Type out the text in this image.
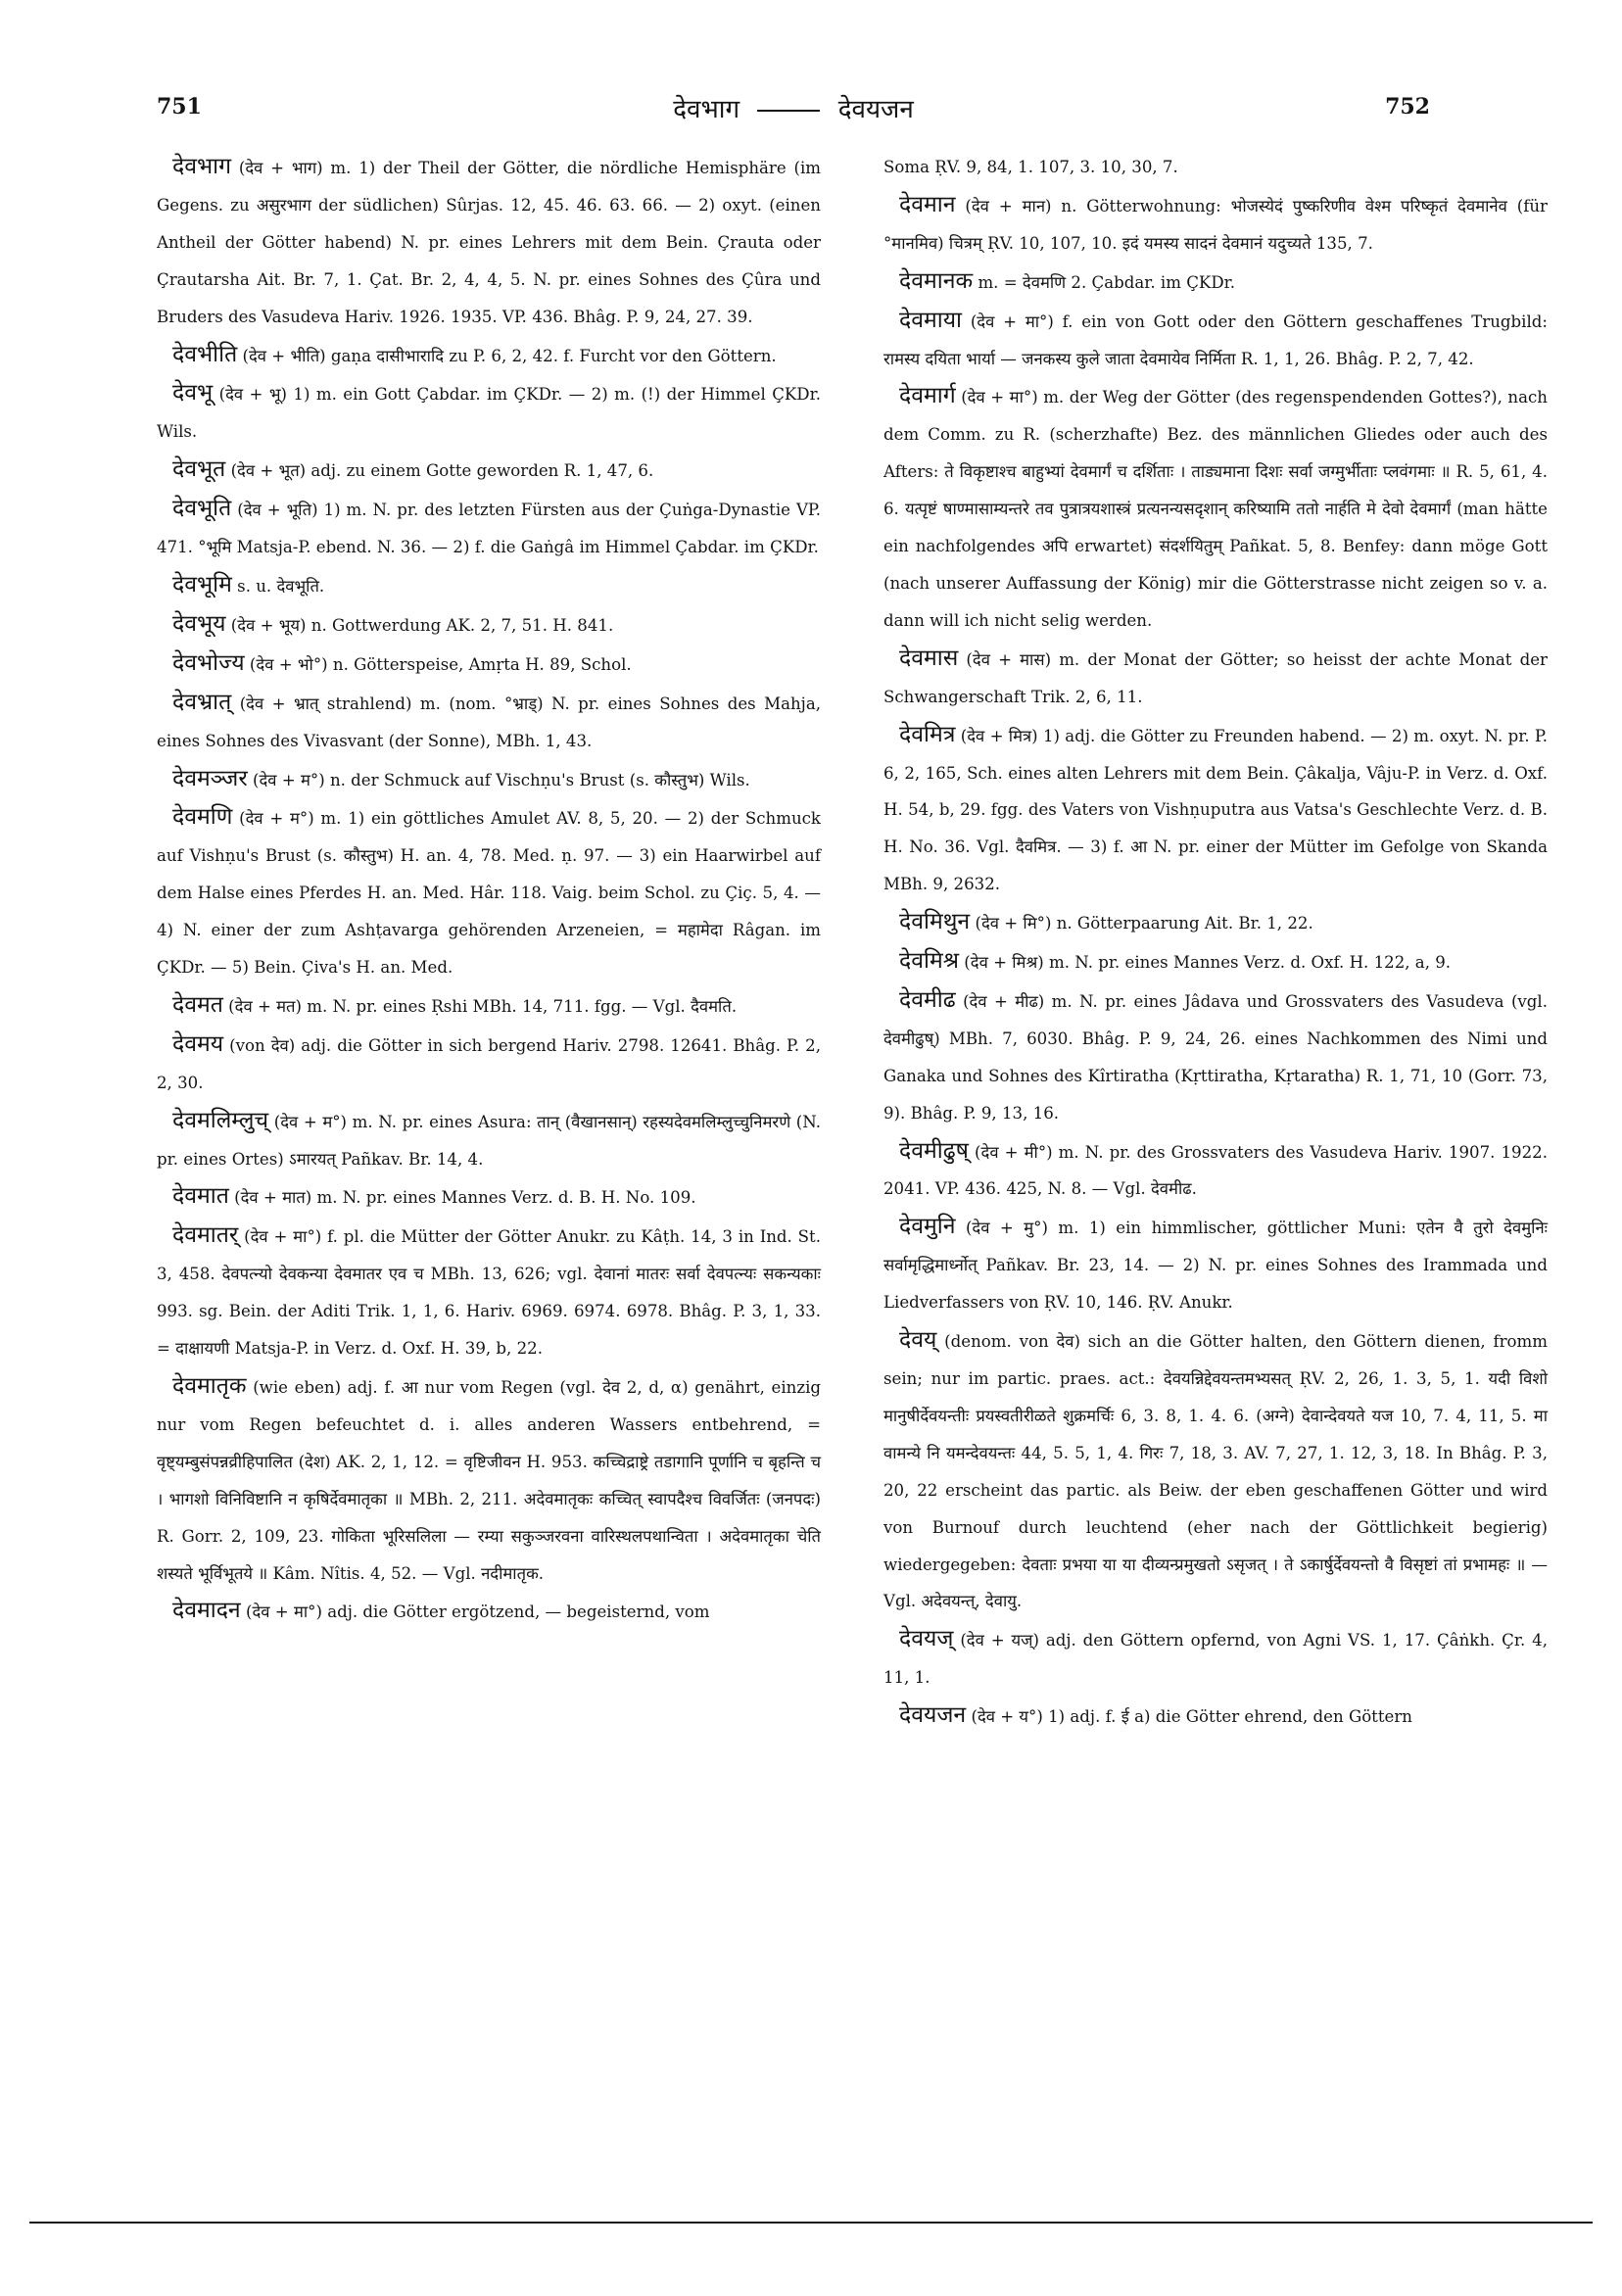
751	देवभाग	देवयजन	752

देवभाग (देव + भाग) m. 1) der Theil der Götter, die nördliche Hemisphäre (im Gegens. zu असुरभाग der südlichen) Sûrjas. 12, 45. 46. 63. 66. — 2) oxyt. (einen Antheil der Götter habend) N. pr. eines Lehrers mit dem Bein. Çrauta oder Çrautarsha Ait. Br. 7, 1. Çat. Br. 2, 4, 4, 5. N. pr. eines Sohnes des Çûra und Bruders des Vasudeva Hariv. 1926. 1935. VP. 436. Bhâg. P. 9, 24, 27. 39.

देवभीति (देव + भीति) gaṇa दासीभारादि zu P. 6, 2, 42. f. Furcht vor den Göttern.

देवभू (देव + भू) 1) m. ein Gott Çabdar. im ÇKDr. — 2) m. (!) der Himmel ÇKDr. Wils.

देवभूत (देव + भूत) adj. zu einem Gotte geworden R. 1, 47, 6.

देवभूति (देव + भूति) 1) m. N. pr. des letzten Fürsten aus der Çuṅga-Dynastie VP. 471. °भूमि Matsja-P. ebend. N. 36. — 2) f. die Gaṅgâ im Himmel Çabdar. im ÇKDr.

देवभूमि s. u. देवभूति.

देवभूय (देव + भूय) n. Gottwerdung AK. 2, 7, 51. H. 841.

देवभोज्य (देव + भो°) n. Götterspeise, Amṛta H. 89, Schol.

देवभ्रात् (देव + भ्रात् strahlend) m. (nom. °भ्राड्) N. pr. eines Sohnes des Mahja, eines Sohnes des Vivasvant (der Sonne), MBh. 1, 43.

देवमञ्जर (देव + म°) n. der Schmuck auf Vischṇu's Brust (s. कौस्तुभ) Wils.

देवमणि (देव + म°) m. 1) ein göttliches Amulet AV. 8, 5, 20. — 2) der Schmuck auf Vishṇu's Brust (s. कौस्तुभ) H. an. 4, 78. Med. ṇ. 97. — 3) ein Haarwirbel auf dem Halse eines Pferdes H. an. Med. Hâr. 118. Vaig. beim Schol. zu Çiç. 5, 4. — 4) N. einer der zum Ashṭavarga gehörenden Arzeneien, = महामेदा Râgan. im ÇKDr. — 5) Bein. Çiva's H. an. Med.

देवमत (देव + मत) m. N. pr. eines Ṛshi MBh. 14, 711. fgg. — Vgl. दैवमति.

देवमय (von देव) adj. die Götter in sich bergend Hariv. 2798. 12641. Bhâg. P. 2, 2, 30.

देवमलिम्लुच् (देव + म°) m. N. pr. eines Asura: तान् (वैखानसान्) रहस्यदेवमलिम्लुच्चुनिमरणे (N. pr. eines Ortes) ऽमारयत् Pañkav. Br. 14, 4.

देवमात (देव + मात) m. N. pr. eines Mannes Verz. d. B. H. No. 109.

देवमातर् (देव + मा°) f. pl. die Mütter der Götter Anukr. zu Kâṭh. 14, 3 in Ind. St. 3, 458. देवपत्न्यो देवकन्या देवमातर एव च MBh. 13, 626; vgl. देवानां मातरः सर्वा देवपत्न्यः सकन्यकाः 993. sg. Bein. der Aditi Trik. 1, 1, 6. Hariv. 6969. 6974. 6978. Bhâg. P. 3, 1, 33. = दाक्षायणी Matsja-P. in Verz. d. Oxf. H. 39, b, 22.

देवमातृक (wie eben) adj. f. आ nur vom Regen (vgl. देव 2, d, α) genährt, einzig nur vom Regen befeuchtet d. i. alles anderen Wassers entbehrend, = वृष्ट्यम्बुसंपन्नव्रीहिपालित (देश) AK. 2, 1, 12. = वृष्टिजीवन H. 953. कच्चिद्राष्ट्रे तडागानि पूर्णानि च बृहन्ति च । भागशो विनिविष्टानि न कृषिर्देवमातृका ॥ MBh. 2, 211. अदेवमातृकः कच्चित् स्वापदैश्च विवर्जितः (जनपदः) R. Gorr. 2, 109, 23. गोकिता भूरिसलिला — रम्या सकुञ्जरवना वारिस्थलपथान्विता । अदेवमातृका चेति शस्यते भूर्विभूतये ॥ Kâm. Nîtis. 4, 52. — Vgl. नदीमातृक.

देवमादन (देव + मा°) adj. die Götter ergötzend, — begeisternd, vom

Soma ṚV. 9, 84, 1. 107, 3. 10, 30, 7.

देवमान (देव + मान) n. Götterwohnung: भोजस्येदं पुष्करिणीव वेश्म परिष्कृतं देवमानेव (für °मानमिव) चित्रम् ṚV. 10, 107, 10. इदं यमस्य सादनं देवमानं यदुच्यते 135, 7.

देवमानक m. = देवमणि 2. Çabdar. im ÇKDr.

देवमाया (देव + मा°) f. ein von Gott oder den Göttern geschaffenes Trugbild: रामस्य दयिता भार्या — जनकस्य कुले जाता देवमायेव निर्मिता R. 1, 1, 26. Bhâg. P. 2, 7, 42.

देवमार्ग (देव + मा°) m. der Weg der Götter (des regenspendenden Gottes?), nach dem Comm. zu R. (scherzhafte) Bez. des männlichen Gliedes oder auch des Afters: ते विकृष्टाश्च बाहुभ्यां देवमार्गं च दर्शिताः । ताड्यमाना दिशः सर्वा जग्मुर्भीताः प्लवंगमाः ॥ R. 5, 61, 4. 6. यत्पृष्टं षाण्मासाम्यन्तरे तव पुत्रात्रयशास्त्रं प्रत्यनन्यसदृशान् करिष्यामि ततो नार्हति मे देवो देवमार्गं (man hätte ein nachfolgendes अपि erwartet) संदर्शयितुम् Pañkat. 5, 8. Benfey: dann möge Gott (nach unserer Auffassung der König) mir die Götterstrasse nicht zeigen so v. a. dann will ich nicht selig werden.

देवमास (देव + मास) m. der Monat der Götter; so heisst der achte Monat der Schwangerschaft Trik. 2, 6, 11.

देवमित्र (देव + मित्र) 1) adj. die Götter zu Freunden habend. — 2) m. oxyt. N. pr. P. 6, 2, 165, Sch. eines alten Lehrers mit dem Bein. Çâkalja, Vâju-P. in Verz. d. Oxf. H. 54, b, 29. fgg. des Vaters von Vishṇuputra aus Vatsa's Geschlechte Verz. d. B. H. No. 36. Vgl. दैवमित्र. — 3) f. आ N. pr. einer der Mütter im Gefolge von Skanda MBh. 9, 2632.

देवमिथुन (देव + मि°) n. Götterpaarung Ait. Br. 1, 22.

देवमिश्र (देव + मिश्र) m. N. pr. eines Mannes Verz. d. Oxf. H. 122, a, 9.

देवमीढ (देव + मीढ) m. N. pr. eines Jâdava und Grossvaters des Vasudeva (vgl. देवमीढुष्) MBh. 7, 6030. Bhâg. P. 9, 24, 26. eines Nachkommen des Nimi und Ganaka und Sohnes des Kîrtiratha (Kṛttiratha, Kṛtaratha) R. 1, 71, 10 (Gorr. 73, 9). Bhâg. P. 9, 13, 16.

देवमीढुष् (देव + मी°) m. N. pr. des Grossvaters des Vasudeva Hariv. 1907. 1922. 2041. VP. 436. 425, N. 8. — Vgl. देवमीढ.

देवमुनि (देव + मु°) m. 1) ein himmlischer, göttlicher Muni: एतेन वै तुरो देवमुनिः सर्वामृद्धिमार्ध्नोत् Pañkav. Br. 23, 14. — 2) N. pr. eines Sohnes des Irammada und Liedverfassers von ṚV. 10, 146. ṚV. Anukr.

देवय् (denom. von देव) sich an die Götter halten, den Göttern dienen, fromm sein; nur im partic. praes. act.: देवयन्निद्देवयन्तमभ्यसत् ṚV. 2, 26, 1. 3, 5, 1. यदी विशो मानुषीर्देवयन्तीः प्रयस्वतीरीळते शुक्रमर्चिः 6, 3. 8, 1. 4. 6. (अग्ने) देवान्देवयते यज 10, 7. 4, 11, 5. मा वामन्ये नि यमन्देवयन्तः 44, 5. 5, 1, 4. गिरः 7, 18, 3. AV. 7, 27, 1. 12, 3, 18. In Bhâg. P. 3, 20, 22 erscheint das partic. als Beiw. der eben geschaffenen Götter und wird von Burnouf durch leuchtend (eher nach der Göttlichkeit begierig) wiedergegeben: देवताः प्रभया या या दीव्यन्प्रमुखतो ऽसृजत् । ते ऽकार्षुर्देवयन्तो वै विसृष्टां तां प्रभामहः ॥ — Vgl. अदेवयन्त्, देवायु.

देवयज् (देव + यज्) adj. den Göttern opfernd, von Agni VS. 1, 17. Çâṅkh. Çr. 4, 11, 1.

देवयजन (देव + य°) 1) adj. f. ई a) die Götter ehrend, den Göttern
